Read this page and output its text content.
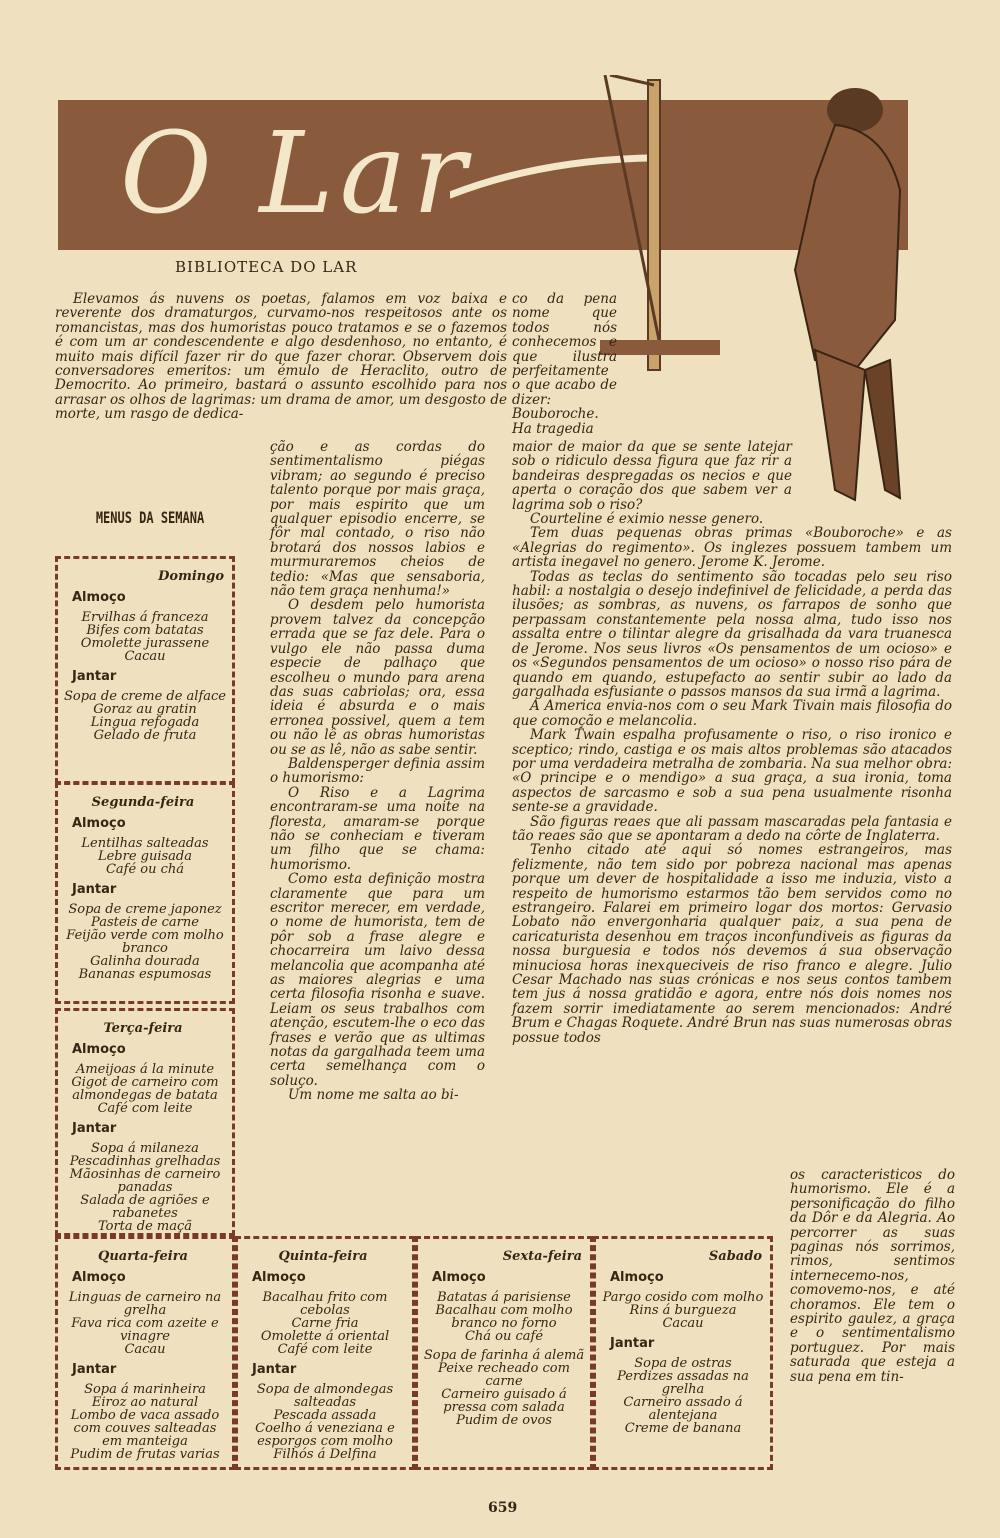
O Lar
BIBLIOTECA DO LAR

Elevamos ás nuvens os poetas, falamos em voz baixa e reverente dos dramaturgos, curvamo-nos respeitosos ante os romancistas, mas dos humoristas pouco tratamos e se o fazemos é com um ar condescendente e algo desdenhoso, no entanto, é muito mais difícil fazer rir do que fazer chorar. Observem dois conversadores emeritos: um émulo de Heraclito, outro de Democrito. Ao primeiro, bastará o assunto escolhido para nos arrasar os olhos de lagrimas: um drama de amor, um desgosto de morte, um rasgo de dedica-

ção e as cordas do sentimentalismo piégas vibram; ao segundo é preciso talento porque por mais graça, por mais espirito que um qualquer episodio encerre, se fôr mal contado, o riso não brotará dos nossos labios e murmuraremos cheios de tedio: «Mas que sensaboria, não tem graça nenhuma!»

O desdem pelo humorista provem talvez da concepção errada que se faz dele. Para o vulgo ele não passa duma especie de palhaço que escolheu o mundo para arena das suas cabriolas; ora, essa ideia é absurda e o mais erronea possivel, quem a tem ou não lê as obras humoristas ou se as lê, não as sabe sentir.

Baldensperger definia assim o humorismo:

O Riso e a Lagrima encontraram-se uma noite na floresta, amaram-se porque não se conheciam e tiveram um filho que se chama: humorismo.

Como esta definição mostra claramente que para um escritor merecer, em verdade, o nome de humorista, tem de pôr sob a frase alegre e chocarreira um laivo dessa melancolia que acompanha até as maiores alegrias e uma certa filosofia risonha e suave. Leiam os seus trabalhos com atenção, escutem-lhe o eco das frases e verão que as ultimas notas da gargalhada teem uma certa semelhança com o soluço.

Um nome me salta ao bi-

co da pena nome que todos nós conhecemos e que ilustra perfeitamente o que acabo de dizer: Bouboroche. Ha tragedia

maior de maior da que se sente latejar sob o ridiculo dessa figura que faz rir a bandeiras despregadas os necios e que aperta o coração dos que sabem ver a lagrima sob o riso?

Courteline é eximio nesse genero.

Tem duas pequenas obras primas «Bouboroche» e as «Alegrias do regimento». Os inglezes possuem tambem um artista inegavel no genero. Jerome K. Jerome.

Todas as teclas do sentimento são tocadas pelo seu riso habil: a nostalgia o desejo indefinivel de felicidade, a perda das ilusões; as sombras, as nuvens, os farrapos de sonho que perpassam constantemente pela nossa alma, tudo isso nos assalta entre o tilintar alegre da grisalhada da vara truanesca de Jerome. Nos seus livros «Os pensamentos de um ocioso» e os «Segundos pensamentos de um ocioso» o nosso riso pára de quando em quando, estupefacto ao sentir subir ao lado da gargalhada esfusiante o passos mansos da sua irmã a lagrima.

A America envia-nos com o seu Mark Tivain mais filosofia do que comoção e melancolia.

Mark Twain espalha profusamente o riso, o riso ironico e sceptico; rindo, castiga e os mais altos problemas são atacados por uma verdadeira metralha de zombaria. Na sua melhor obra: «O principe e o mendigo» a sua graça, a sua ironia, toma aspectos de sarcasmo e sob a sua pena usualmente risonha sente-se a gravidade.

São figuras reaes que ali passam mascaradas pela fantasia e tão reaes são que se apontaram a dedo na côrte de Inglaterra.

Tenho citado até aqui só nomes estrangeiros, mas felizmente, não tem sido por pobreza nacional mas apenas porque um dever de hospitalidade a isso me induzia, visto a respeito de humorismo estarmos tão bem servidos como no estrangeiro. Falarei em primeiro logar dos mortos: Gervasio Lobato não envergonharia qualquer paiz, a sua pena de caricaturista desenhou em traços inconfundiveis as figuras da nossa burguesia e todos nós devemos á sua observação minuciosa horas inexqueciveis de riso franco e alegre. Julio Cesar Machado nas suas crónicas e nos seus contos tambem tem jus á nossa gratidão e agora, entre nós dois nomes nos fazem sorrir imediatamente ao serem mencionados: André Brum e Chagas Roquete. André Brun nas suas numerosas obras possue todos

os caracteristicos do humorismo. Ele é a personificação do filho da Dôr e da Alegria. Ao percorrer as suas paginas nós sorrimos, rimos, sentimos internecemo-nos, comovemo-nos, e até choramos. Ele tem o espirito gaulez, a graça e o sentimentalismo portuguez. Por mais saturada que esteja a sua pena em tin-

MENUS DA SEMANA
Domingo
Almoço
Ervilhas á franceza
Bifes com batatas
Omolette jurassene
Cacau
Jantar
Sopa de creme de alface
Goraz au gratin
Lingua refogada
Gelado de fruta
Segunda-feira
Almoço
Lentilhas salteadas
Lebre guisada
Café ou chá
Jantar
Sopa de creme japonez
Pasteis de carne
Feijão verde com molho branco
Galinha dourada
Bananas espumosas
Terça-feira
Almoço
Ameijoas á la minute
Gigot de carneiro com almondegas de batata
Café com leite
Jantar
Sopa á milaneza
Pescadinhas grelhadas
Mãosinhas de carneiro panadas
Salada de agriões e rabanetes
Torta de maçã
Quarta-feira
Almoço
Linguas de carneiro na grelha
Fava rica com azeite e vinagre
Cacau
Jantar
Sopa á marinheira
Eiroz ao natural
Lombo de vaca assado com couves salteadas em manteiga
Pudim de frutas varias
Quinta-feira
Almoço
Bacalhau frito com cebolas
Carne fria
Omolette á oriental
Café com leite
Jantar
Sopa de almondegas salteadas
Pescada assada
Coelho á veneziana e esporgos com molho
Filhós á Delfina
Sexta-feira
Almoço
Batatas á parisiense
Bacalhau com molho branco no forno
Chá ou café
Sopa de farinha á alemã
Peixe recheado com carne
Carneiro guisado á pressa com salada
Pudim de ovos
Sabado
Almoço
Pargo cosido com molho
Rins á burgueza
Cacau
Jantar
Sopa de ostras
Perdizes assadas na grelha
Carneiro assado á alentejana
Creme de banana
659
